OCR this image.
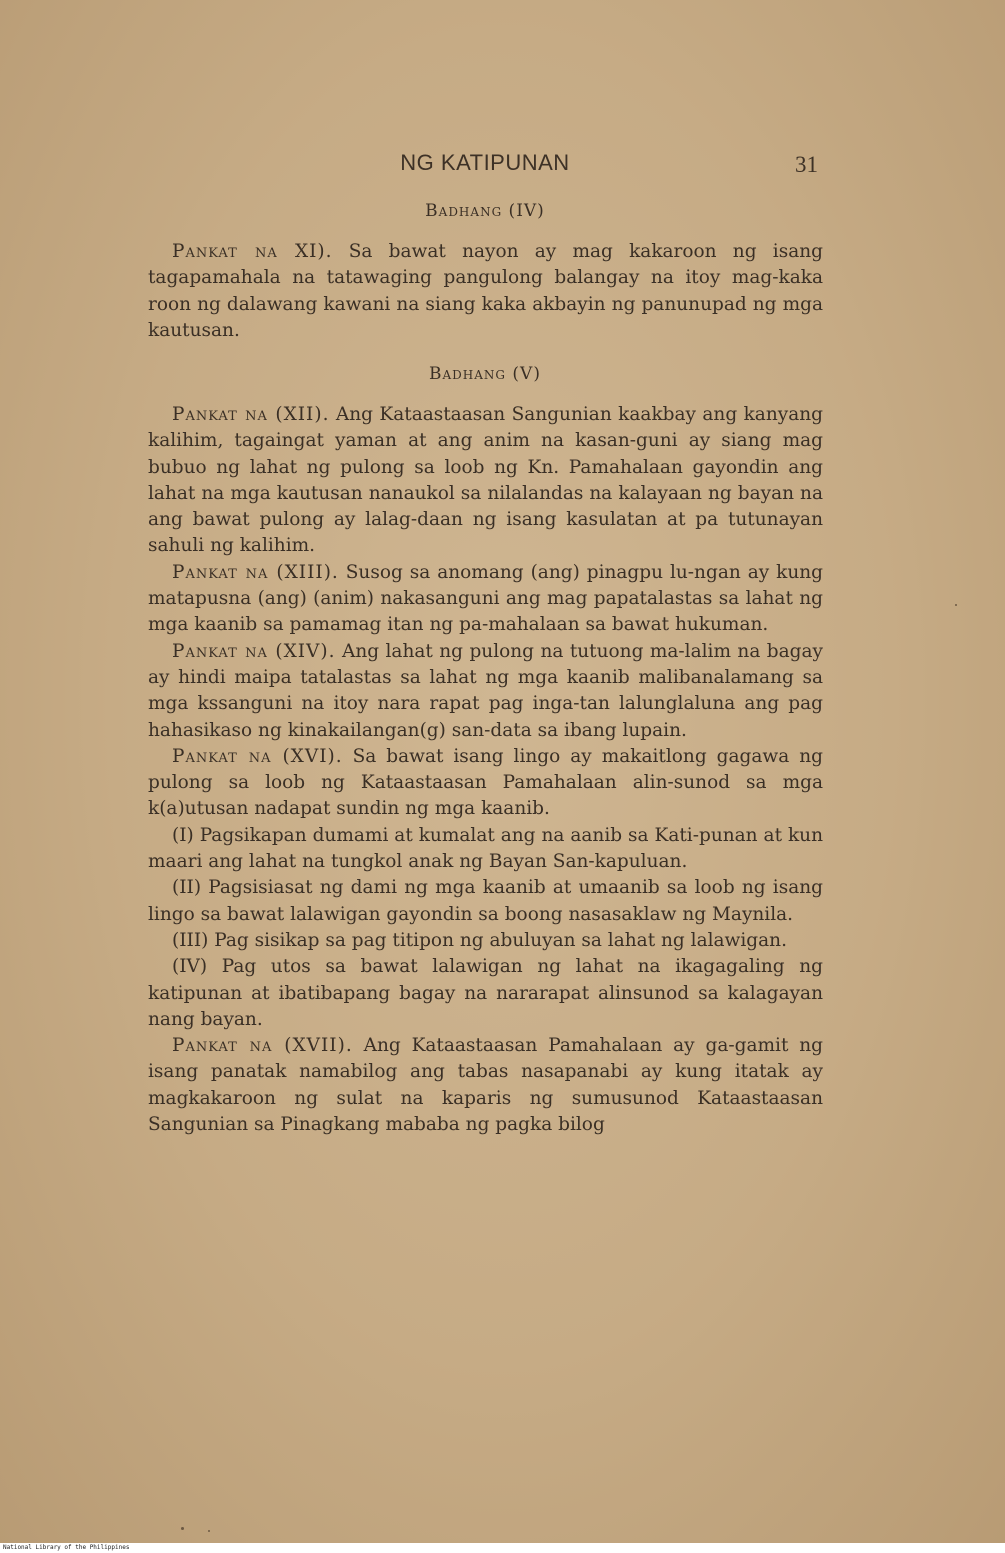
NG KATIPUNAN	31
Badhang (IV)

Pankat na XI). Sa bawat nayon ay mag kakaroon ng isang tagapamahala na tatawaging pangulong balangay na itoy mag-kaka roon ng dalawang kawani na siang kaka akbayin ng panunupad ng mga kautusan.

Badhang (V)

Pankat na (XII). Ang Kataastaasan Sangunian kaakbay ang kanyang kalihim, tagaingat yaman at ang anim na kasan-guni ay siang mag bubuo ng lahat ng pulong sa loob ng Kn. Pamahalaan gayondin ang lahat na mga kautusan nanaukol sa nilalandas na kalayaan ng bayan na ang bawat pulong ay lalag-daan ng isang kasulatan at pa tutunayan sahuli ng kalihim.

Pankat na (XIII). Susog sa anomang (ang) pinagpu lu-ngan ay kung matapusna (ang) (anim) nakasanguni ang mag papatalastas sa lahat ng mga kaanib sa pamamag itan ng pa-mahalaan sa bawat hukuman.

Pankat na (XIV). Ang lahat ng pulong na tutuong ma-lalim na bagay ay hindi maipa tatalastas sa lahat ng mga kaanib malibanalamang sa mga kssanguni na itoy nara rapat pag inga-tan lalunglaluna ang pag hahasikaso ng kinakailangan(g) san-data sa ibang lupain.

Pankat na (XVI). Sa bawat isang lingo ay makaitlong gagawa ng pulong sa loob ng Kataastaasan Pamahalaan alin-sunod sa mga k(a)utusan nadapat sundin ng mga kaanib.

(I) Pagsikapan dumami at kumalat ang na aanib sa Kati-punan at kun maari ang lahat na tungkol anak ng Bayan San-kapuluan.

(II) Pagsisiasat ng dami ng mga kaanib at umaanib sa loob ng isang lingo sa bawat lalawigan gayondin sa boong nasasaklaw ng Maynila.

(III) Pag sisikap sa pag titipon ng abuluyan sa lahat ng lalawigan.

(IV) Pag utos sa bawat lalawigan ng lahat na ikagagaling ng katipunan at ibatibapang bagay na nararapat alinsunod sa kalagayan nang bayan.

Pankat na (XVII). Ang Kataastaasan Pamahalaan ay ga-gamit ng isang panatak namabilog ang tabas nasapanabi ay kung itatak ay magkakaroon ng sulat na kaparis ng sumusunod Kataastaasan Sangunian sa Pinagkang mababa ng pagka bilog

National Library of the Philippines
